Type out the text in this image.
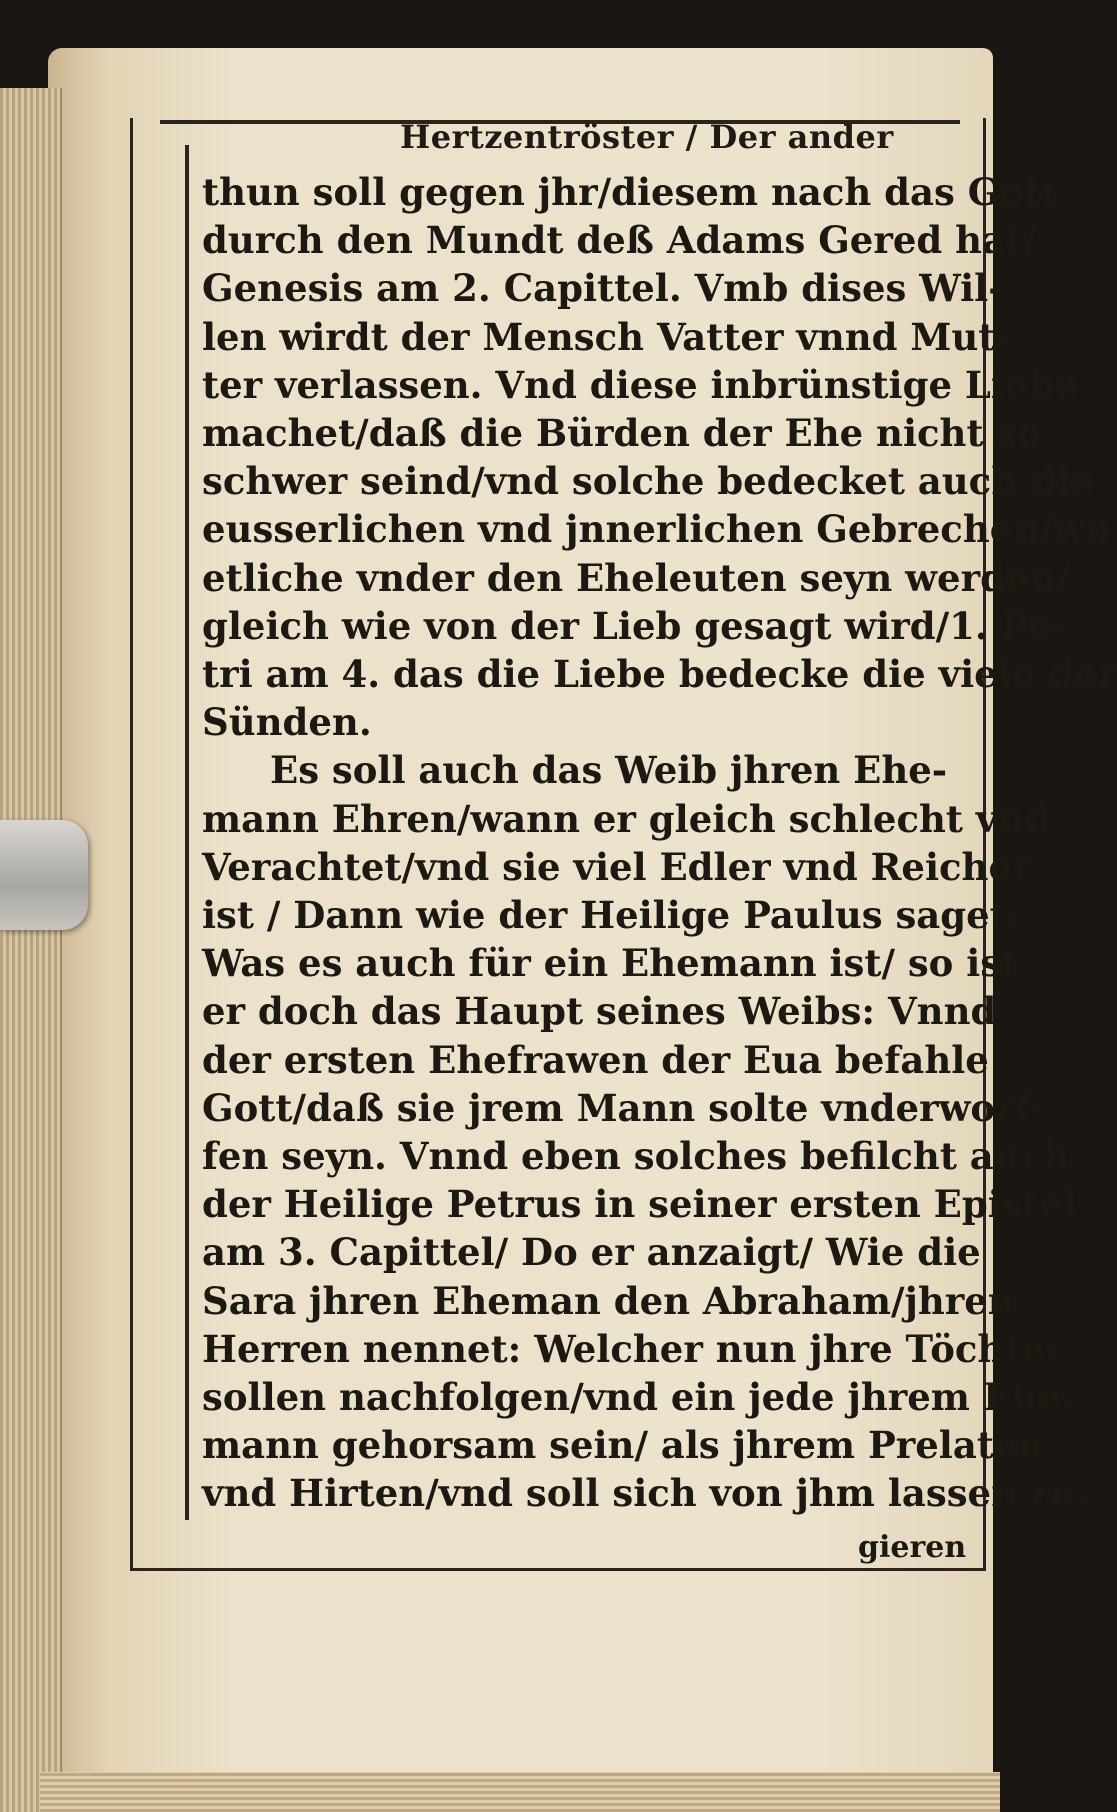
Hertzentröster / Der ander
thun soll gegen jhr/diesem nach das Gott
durch den Mundt deß Adams Gered hat/
Genesis am 2. Capittel. Vmb dises Wil-
len wirdt der Mensch Vatter vnnd Mut-
ter verlassen. Vnd diese inbrünstige Liebe
machet/daß die Bürden der Ehe nicht so
schwer seind/vnd solche bedecket auch die
eusserlichen vnd jnnerlichen Gebrechen/wo
etliche vnder den Eheleuten seyn werden/
gleich wie von der Lieb gesagt wird/1. Pe-
tri am 4. das die Liebe bedecke die viele der
Sünden.
Es soll auch das Weib jhren Ehe-
mann Ehren/wann er gleich schlecht vnd
Verachtet/vnd sie viel Edler vnd Reicher
ist / Dann wie der Heilige Paulus saget:
Was es auch für ein Ehemann ist/ so ist
er doch das Haupt seines Weibs: Vnnd
der ersten Ehefrawen der Eua befahle
Gott/daß sie jrem Mann solte vnderworf-
fen seyn. Vnnd eben solches befilcht auch
der Heilige Petrus in seiner ersten Epistel
am 3. Capittel/ Do er anzaigt/ Wie die
Sara jhren Eheman den Abraham/jhren
Herren nennet: Welcher nun jhre Töchter
sollen nachfolgen/vnd ein jede jhrem Ehe-
mann gehorsam sein/ als jhrem Prelaten
vnd Hirten/vnd soll sich von jhm lassen re-
gieren
